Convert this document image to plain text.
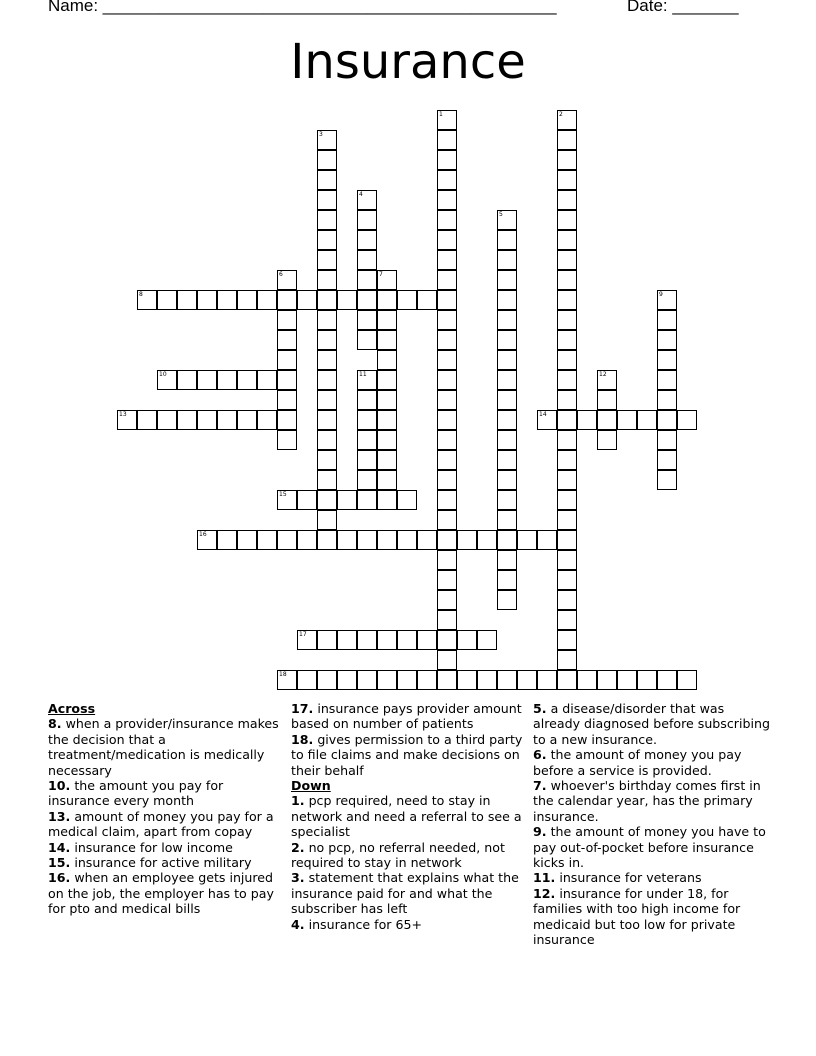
Name: ________________________________________________	Date: _______
Insurance
1	2
3
4
5
6	7
8	9
10	11	12
13	14
15
16
17
18
Across
8. when a provider/insurance makes the decision that a treatment/medication is medically necessary
10. the amount you pay for insurance every month
13. amount of money you pay for a medical claim, apart from copay
14. insurance for low income
15. insurance for active military
16. when an employee gets injured on the job, the employer has to pay for pto and medical bills
17. insurance pays provider amount based on number of patients
18. gives permission to a third party to file claims and make decisions on their behalf
Down
1. pcp required, need to stay in network and need a referral to see a specialist
2. no pcp, no referral needed, not required to stay in network
3. statement that explains what the insurance paid for and what the subscriber has left
4. insurance for 65+
5. a disease/disorder that was already diagnosed before subscribing to a new insurance.
6. the amount of money you pay before a service is provided.
7. whoever's birthday comes first in the calendar year, has the primary insurance.
9. the amount of money you have to pay out-of-pocket before insurance kicks in.
11. insurance for veterans
12. insurance for under 18, for families with too high income for medicaid but too low for private insurance
